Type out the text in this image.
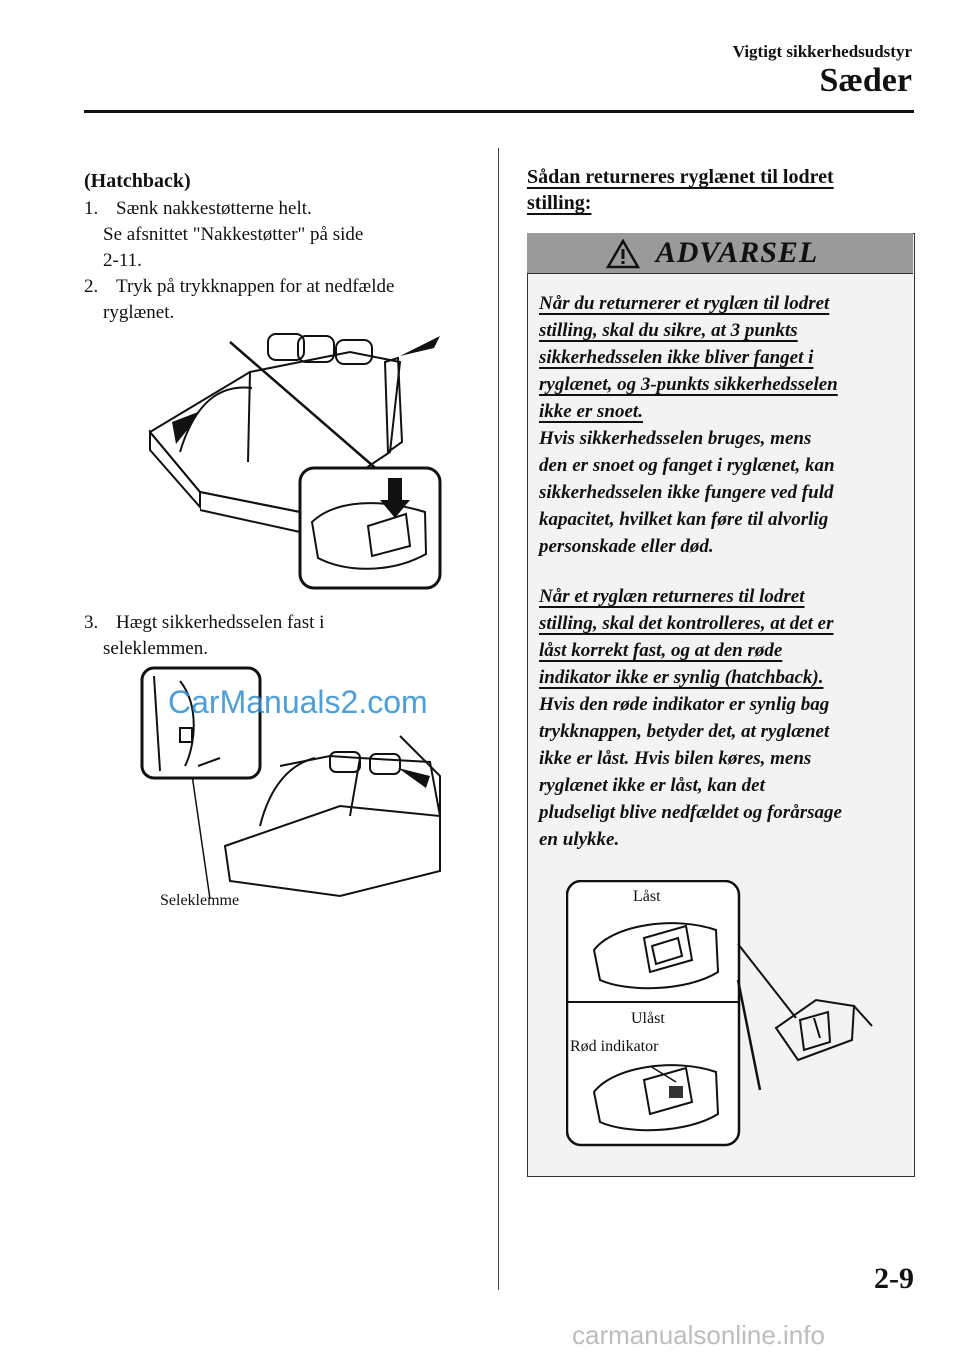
Vigtigt sikkerhedsudstyr
Sæder
(Hatchback)
1. Sænk nakkestøtterne helt.
Se afsnittet "Nakkestøtter" på side
2-11.
2. Tryk på trykknappen for at nedfælde
ryglænet.
3. Hægt sikkerhedsselen fast i
seleklemmen.
Seleklemme
CarManuals2.com
Sådan returneres ryglænet til lodret
stilling:
ADVARSEL
Når du returnerer et ryglæn til lodret
stilling, skal du sikre, at 3 punkts
sikkerhedsselen ikke bliver fanget i
ryglænet, og 3-punkts sikkerhedsselen
ikke er snoet.
Hvis sikkerhedsselen bruges, mens
den er snoet og fanget i ryglænet, kan
sikkerhedsselen ikke fungere ved fuld
kapacitet, hvilket kan føre til alvorlig
personskade eller død.
Når et ryglæn returneres til lodret
stilling, skal det kontrolleres, at det er
låst korrekt fast, og at den røde
indikator ikke er synlig (hatchback).
Hvis den røde indikator er synlig bag
trykknappen, betyder det, at ryglænet
ikke er låst. Hvis bilen køres, mens
ryglænet ikke er låst, kan det
pludseligt blive nedfældet og forårsage
en ulykke.
Låst
Ulåst
Rød indikator
2-9
carmanualsonline.info
